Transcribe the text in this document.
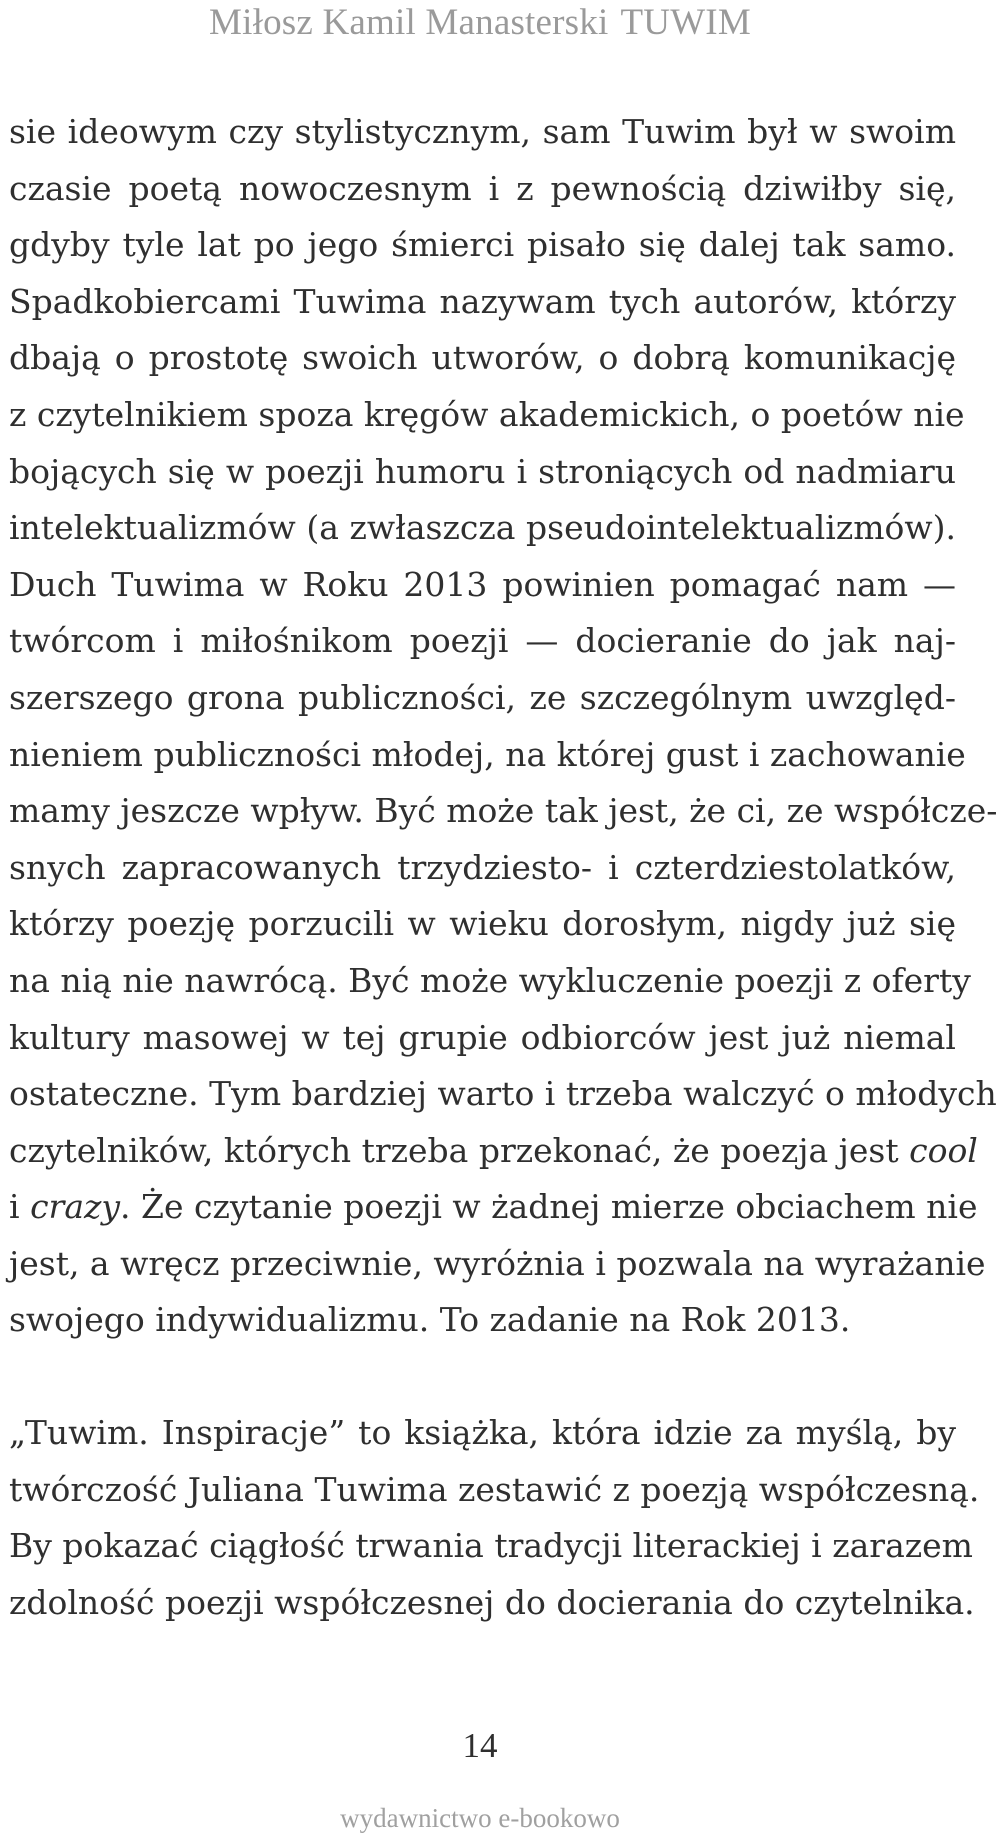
Miłosz Kamil Manasterski TUWIM
sie ideowym czy stylistycznym, sam Tuwim był w swoim
czasie poetą nowoczesnym i z pewnością dziwiłby się,
gdyby tyle lat po jego śmierci pisało się dalej tak samo.
Spadkobiercami Tuwima nazywam tych autorów, którzy
dbają o prostotę swoich utworów, o dobrą komunikację
z czytelnikiem spoza kręgów akademickich, o poetów nie
bojących się w poezji humoru i stroniących od nadmiaru
intelektualizmów (a zwłaszcza pseudointelektualizmów).
Duch Tuwima w Roku 2013 powinien pomagać nam —
twórcom i miłośnikom poezji — docieranie do jak naj-
szerszego grona publiczności, ze szczególnym uwzględ-
nieniem publiczności młodej, na której gust i zachowanie
mamy jeszcze wpływ. Być może tak jest, że ci, ze współcze-
snych zapracowanych trzydziesto- i czterdziestolatków,
którzy poezję porzucili w wieku dorosłym, nigdy już się
na nią nie nawrócą. Być może wykluczenie poezji z oferty
kultury masowej w tej grupie odbiorców jest już niemal
ostateczne. Tym bardziej warto i trzeba walczyć o młodych
czytelników, których trzeba przekonać, że poezja jest cool
i crazy. Że czytanie poezji w żadnej mierze obciachem nie
jest, a wręcz przeciwnie, wyróżnia i pozwala na wyrażanie
swojego indywidualizmu. To zadanie na Rok 2013.
„Tuwim. Inspiracje” to książka, która idzie za myślą, by
twórczość Juliana Tuwima zestawić z poezją współczesną.
By pokazać ciągłość trwania tradycji literackiej i zarazem
zdolność poezji współczesnej do docierania do czytelnika.
14
wydawnictwo e-bookowo
